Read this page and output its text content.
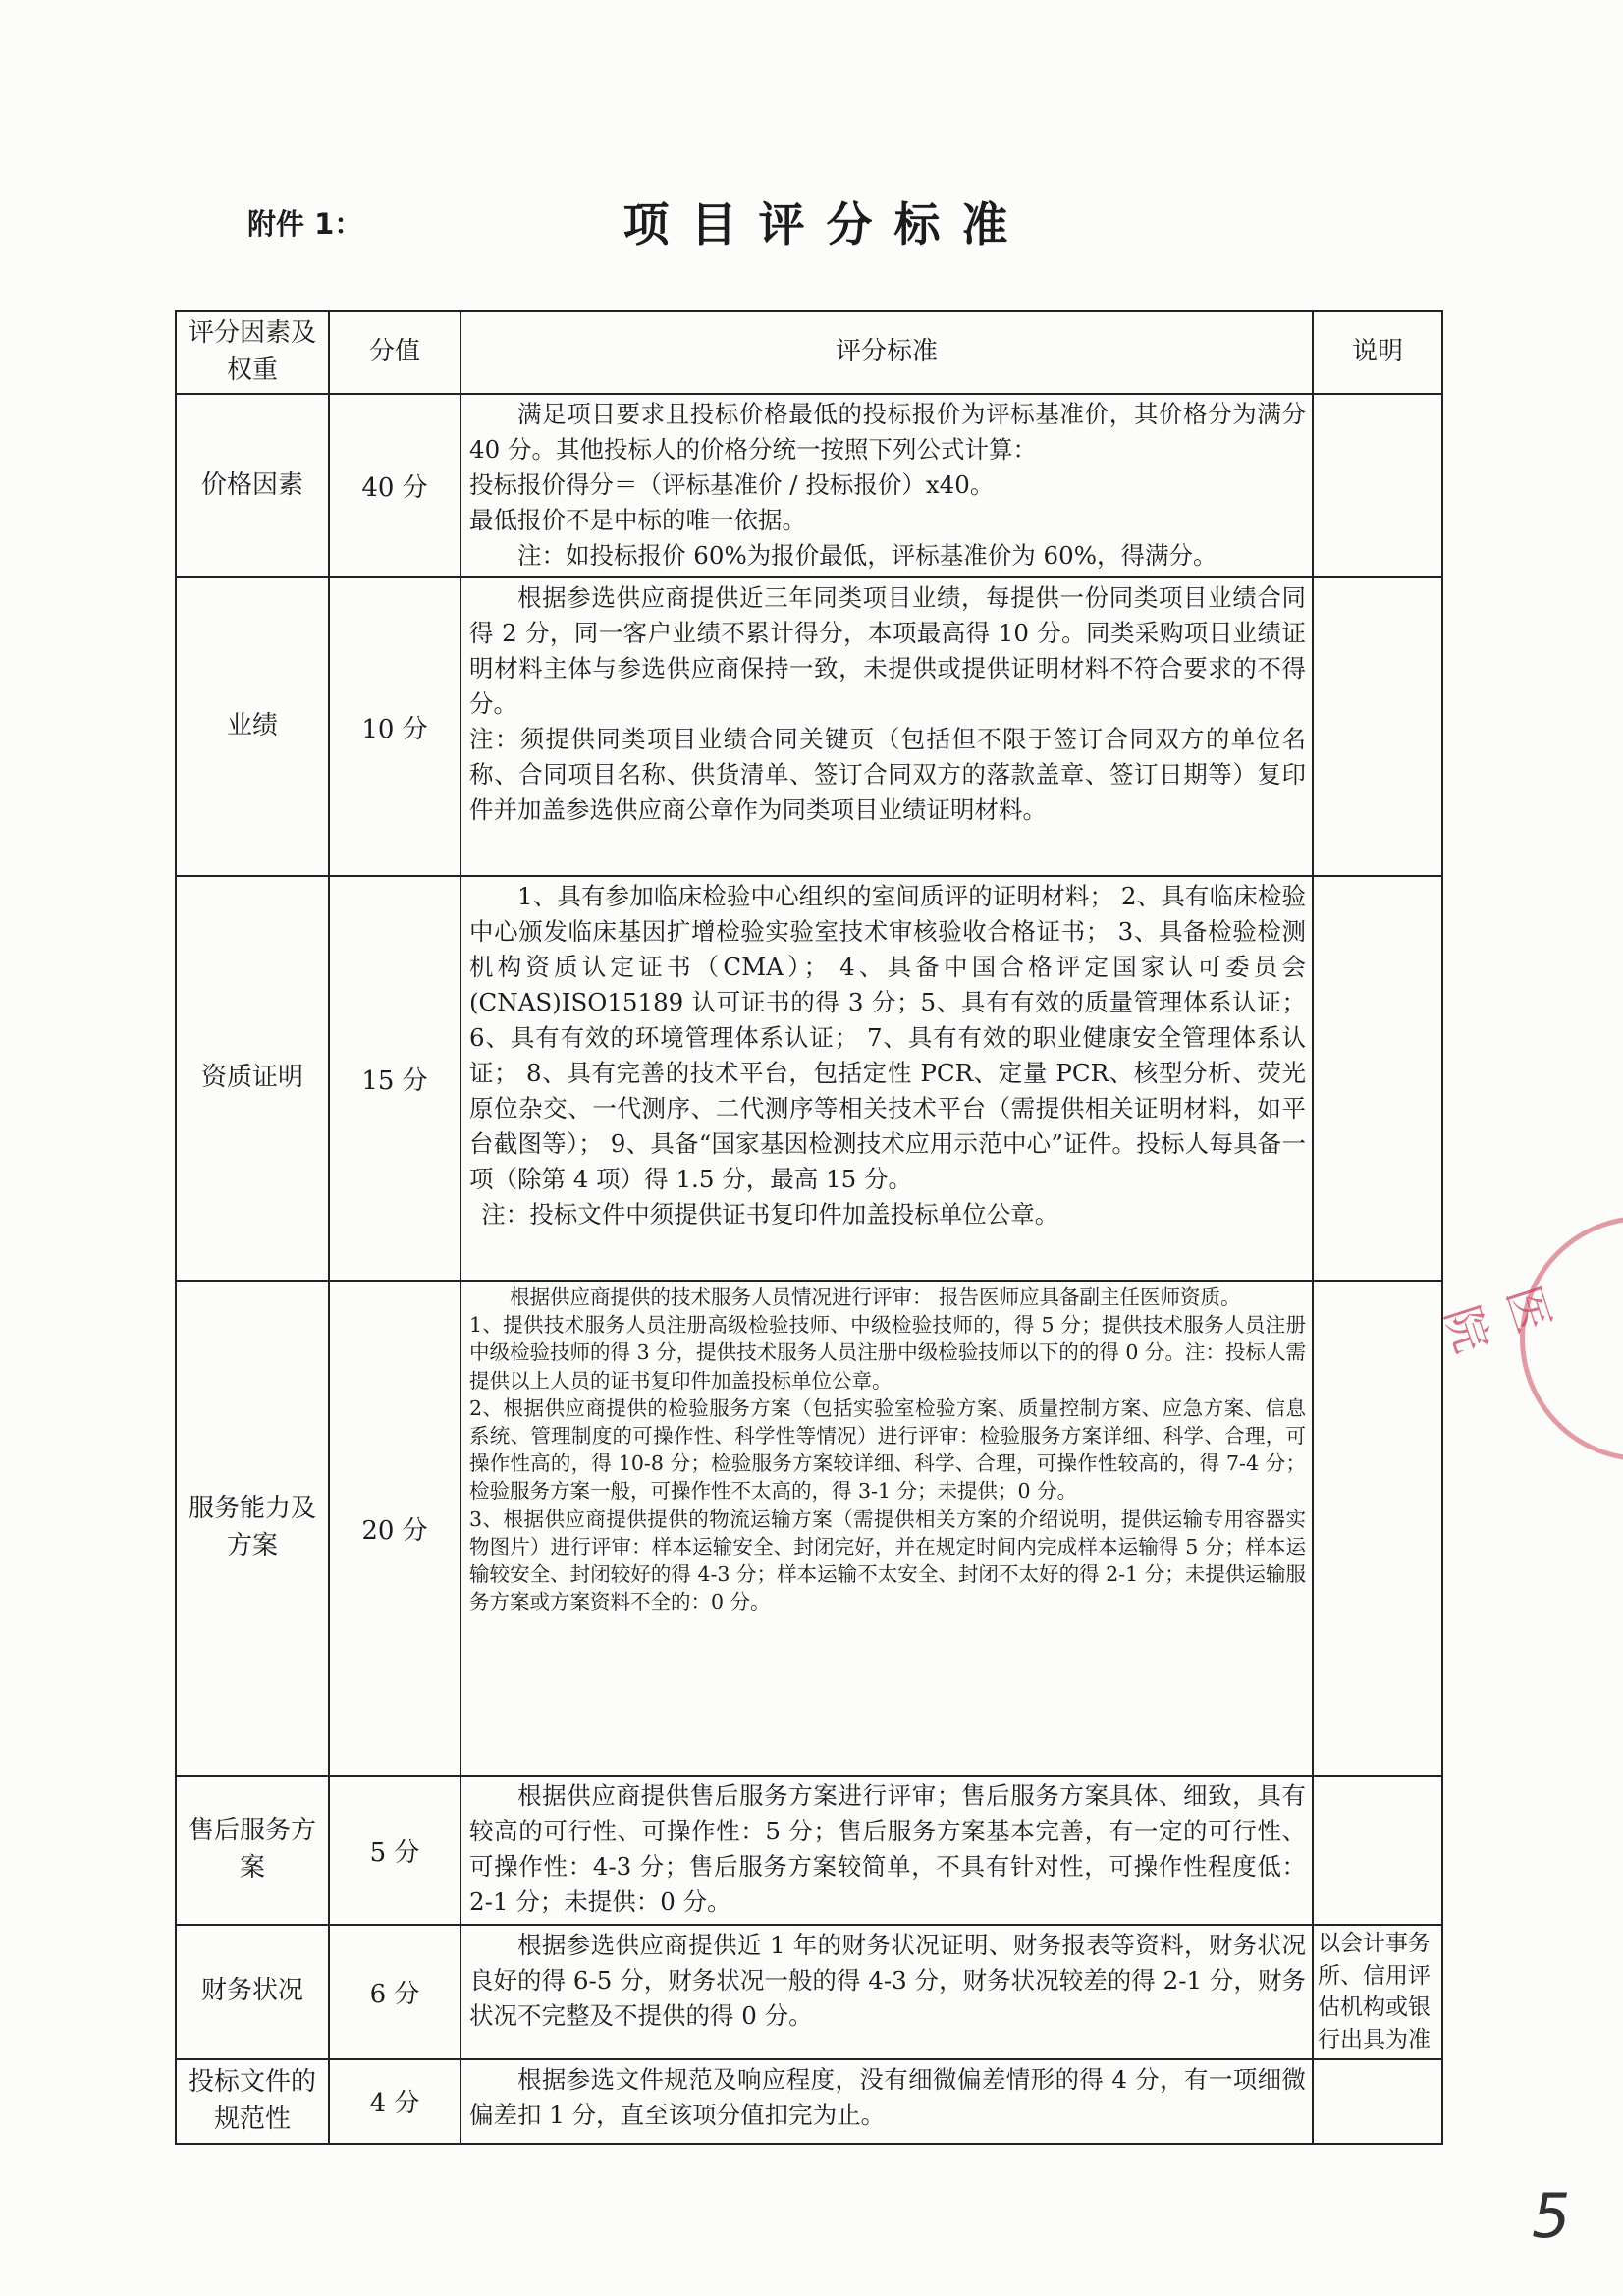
附件 1：	项目评分标准
评分因素及权重	分值	评分标准	说明
价格因素	40 分	满足项目要求且投标价格最低的投标报价为评标基准价，其价格分为满分 40 分。其他投标人的价格分统一按照下列公式计算：

投标报价得分＝（评标基准价 / 投标报价）x40。

最低报价不是中标的唯一依据。

注：如投标报价 60%为报价最低，评标基准价为 60%，得满分。	

业绩	10 分	根据参选供应商提供近三年同类项目业绩，每提供一份同类项目业绩合同得 2 分，同一客户业绩不累计得分，本项最高得 10 分。同类采购项目业绩证明材料主体与参选供应商保持一致，未提供或提供证明材料不符合要求的不得分。

注：须提供同类项目业绩合同关键页（包括但不限于签订合同双方的单位名称、合同项目名称、供货清单、签订合同双方的落款盖章、签订日期等）复印件并加盖参选供应商公章作为同类项目业绩证明材料。	

资质证明	15 分	1、具有参加临床检验中心组织的室间质评的证明材料； 2、具有临床检验中心颁发临床基因扩增检验实验室技术审核验收合格证书； 3、具备检验检测机构资质认定证书（CMA）； 4、具备中国合格评定国家认可委员会(CNAS)ISO15189 认可证书的得 3 分；5、具有有效的质量管理体系认证； 6、具有有效的环境管理体系认证； 7、具有有效的职业健康安全管理体系认证； 8、具有完善的技术平台，包括定性 PCR、定量 PCR、核型分析、荧光原位杂交、一代测序、二代测序等相关技术平台（需提供相关证明材料，如平台截图等）； 9、具备“国家基因检测技术应用示范中心”证件。投标人每具备一项（除第 4 项）得 1.5 分，最高 15 分。

注：投标文件中须提供证书复印件加盖投标单位公章。	

服务能力及方案	20 分	根据供应商提供的技术服务人员情况进行评审： 报告医师应具备副主任医师资质。

1、提供技术服务人员注册高级检验技师、中级检验技师的，得 5 分；提供技术服务人员注册中级检验技师的得 3 分，提供技术服务人员注册中级检验技师以下的的得 0 分。注：投标人需提供以上人员的证书复印件加盖投标单位公章。

2、根据供应商提供的检验服务方案（包括实验室检验方案、质量控制方案、应急方案、信息系统、管理制度的可操作性、科学性等情况）进行评审：检验服务方案详细、科学、合理，可操作性高的，得 10-8 分；检验服务方案较详细、科学、合理，可操作性较高的，得 7-4 分；检验服务方案一般，可操作性不太高的，得 3-1 分；未提供；0 分。

3、根据供应商提供提供的物流运输方案（需提供相关方案的介绍说明，提供运输专用容器实物图片）进行评审：样本运输安全、封闭完好，并在规定时间内完成样本运输得 5 分；样本运输较安全、封闭较好的得 4-3 分；样本运输不太安全、封闭不太好的得 2-1 分；未提供运输服务方案或方案资料不全的：0 分。	

售后服务方案	5 分	根据供应商提供售后服务方案进行评审；售后服务方案具体、细致，具有较高的可行性、可操作性：5 分；售后服务方案基本完善，有一定的可行性、可操作性：4-3 分；售后服务方案较简单，不具有针对性，可操作性程度低：2-1 分；未提供：0 分。	

财务状况	6 分	根据参选供应商提供近 1 年的财务状况证明、财务报表等资料，财务状况良好的得 6-5 分，财务状况一般的得 4-3 分，财务状况较差的得 2-1 分，财务状况不完整及不提供的得 0 分。	以会计事务所、信用评估机构或银行出具为准
投标文件的规范性	4 分	根据参选文件规范及响应程度，没有细微偏差情形的得 4 分，有一项细微偏差扣 1 分，直至该项分值扣完为止。	

医院
5
